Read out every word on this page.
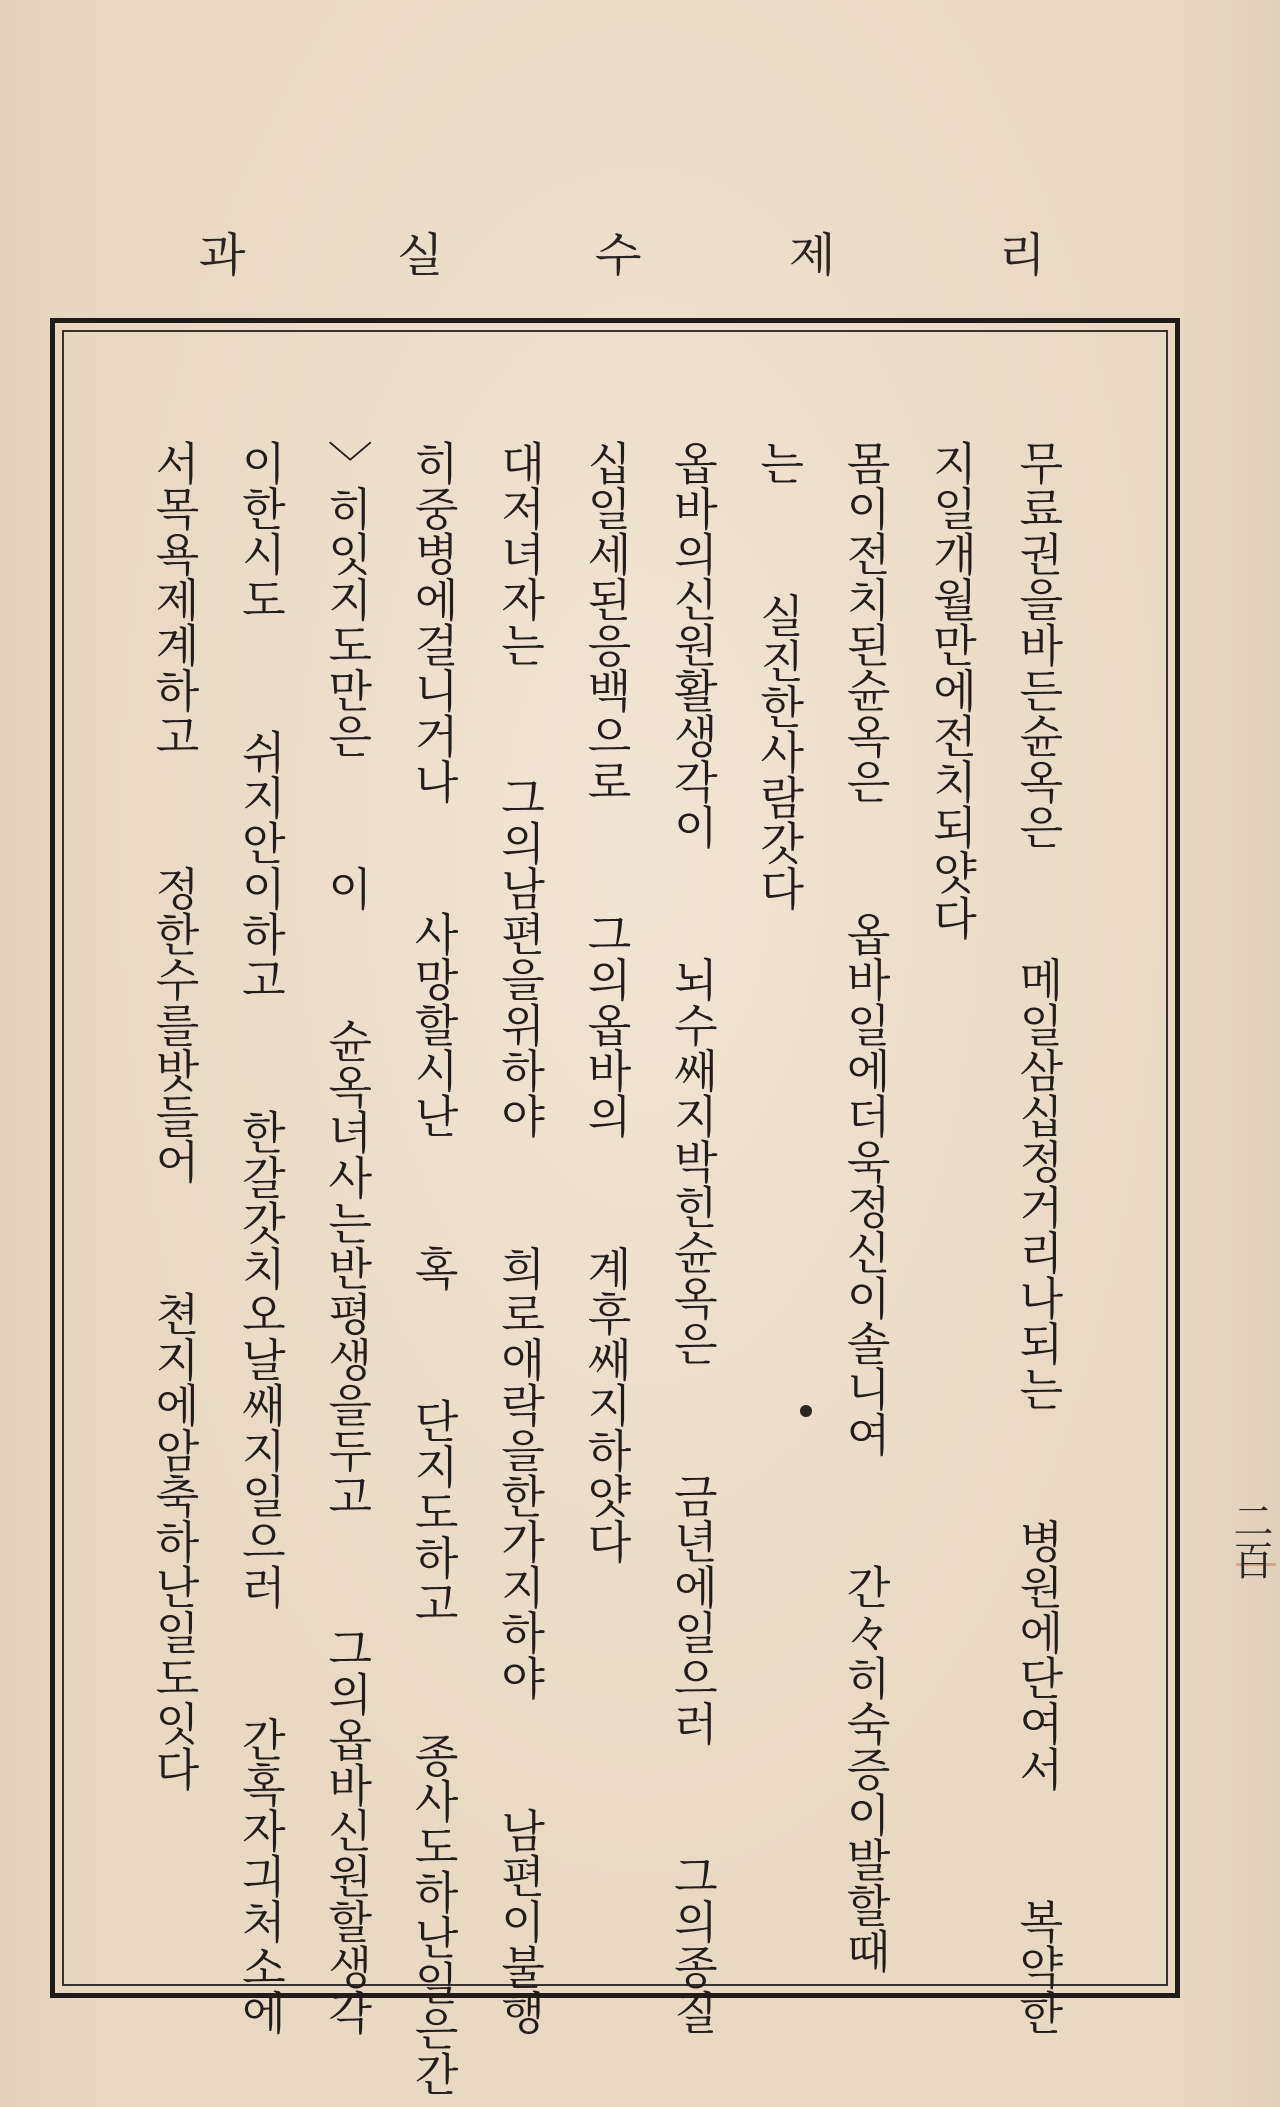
리
제
수
실
과
무료권을바든슌옥은  메일삼십정거리나되는  병원에단여서  복약한
지일개월만에전치되얏다
몸이전치된슌옥은  옵바일에더욱정신이솔니여  간々히숙증이발할때
는  실진한사람갓다
옵바의신원활생각이  뇌수쌔지박힌슌옥은  금년에일으러  그의종질
십일세된응백으로  그의옵바의  계후쌔지하얏다
대저녀자는  그의남편을위하야  희로애락을한가지하야  남편이불행
히중병에걸니거나  사망할시난  혹  단지도하고  종사도하난일은간
〉히잇지도만은  이  슌옥녀사는반평생을두고  그의옵바신원할생각
이한시도  쉬지안이하고  한갈갓치오날쌔지일으러  간혹자긔처소에
서목욕제계하고  정한수를밧들어  쳔지에암축하난일도잇다	二百
